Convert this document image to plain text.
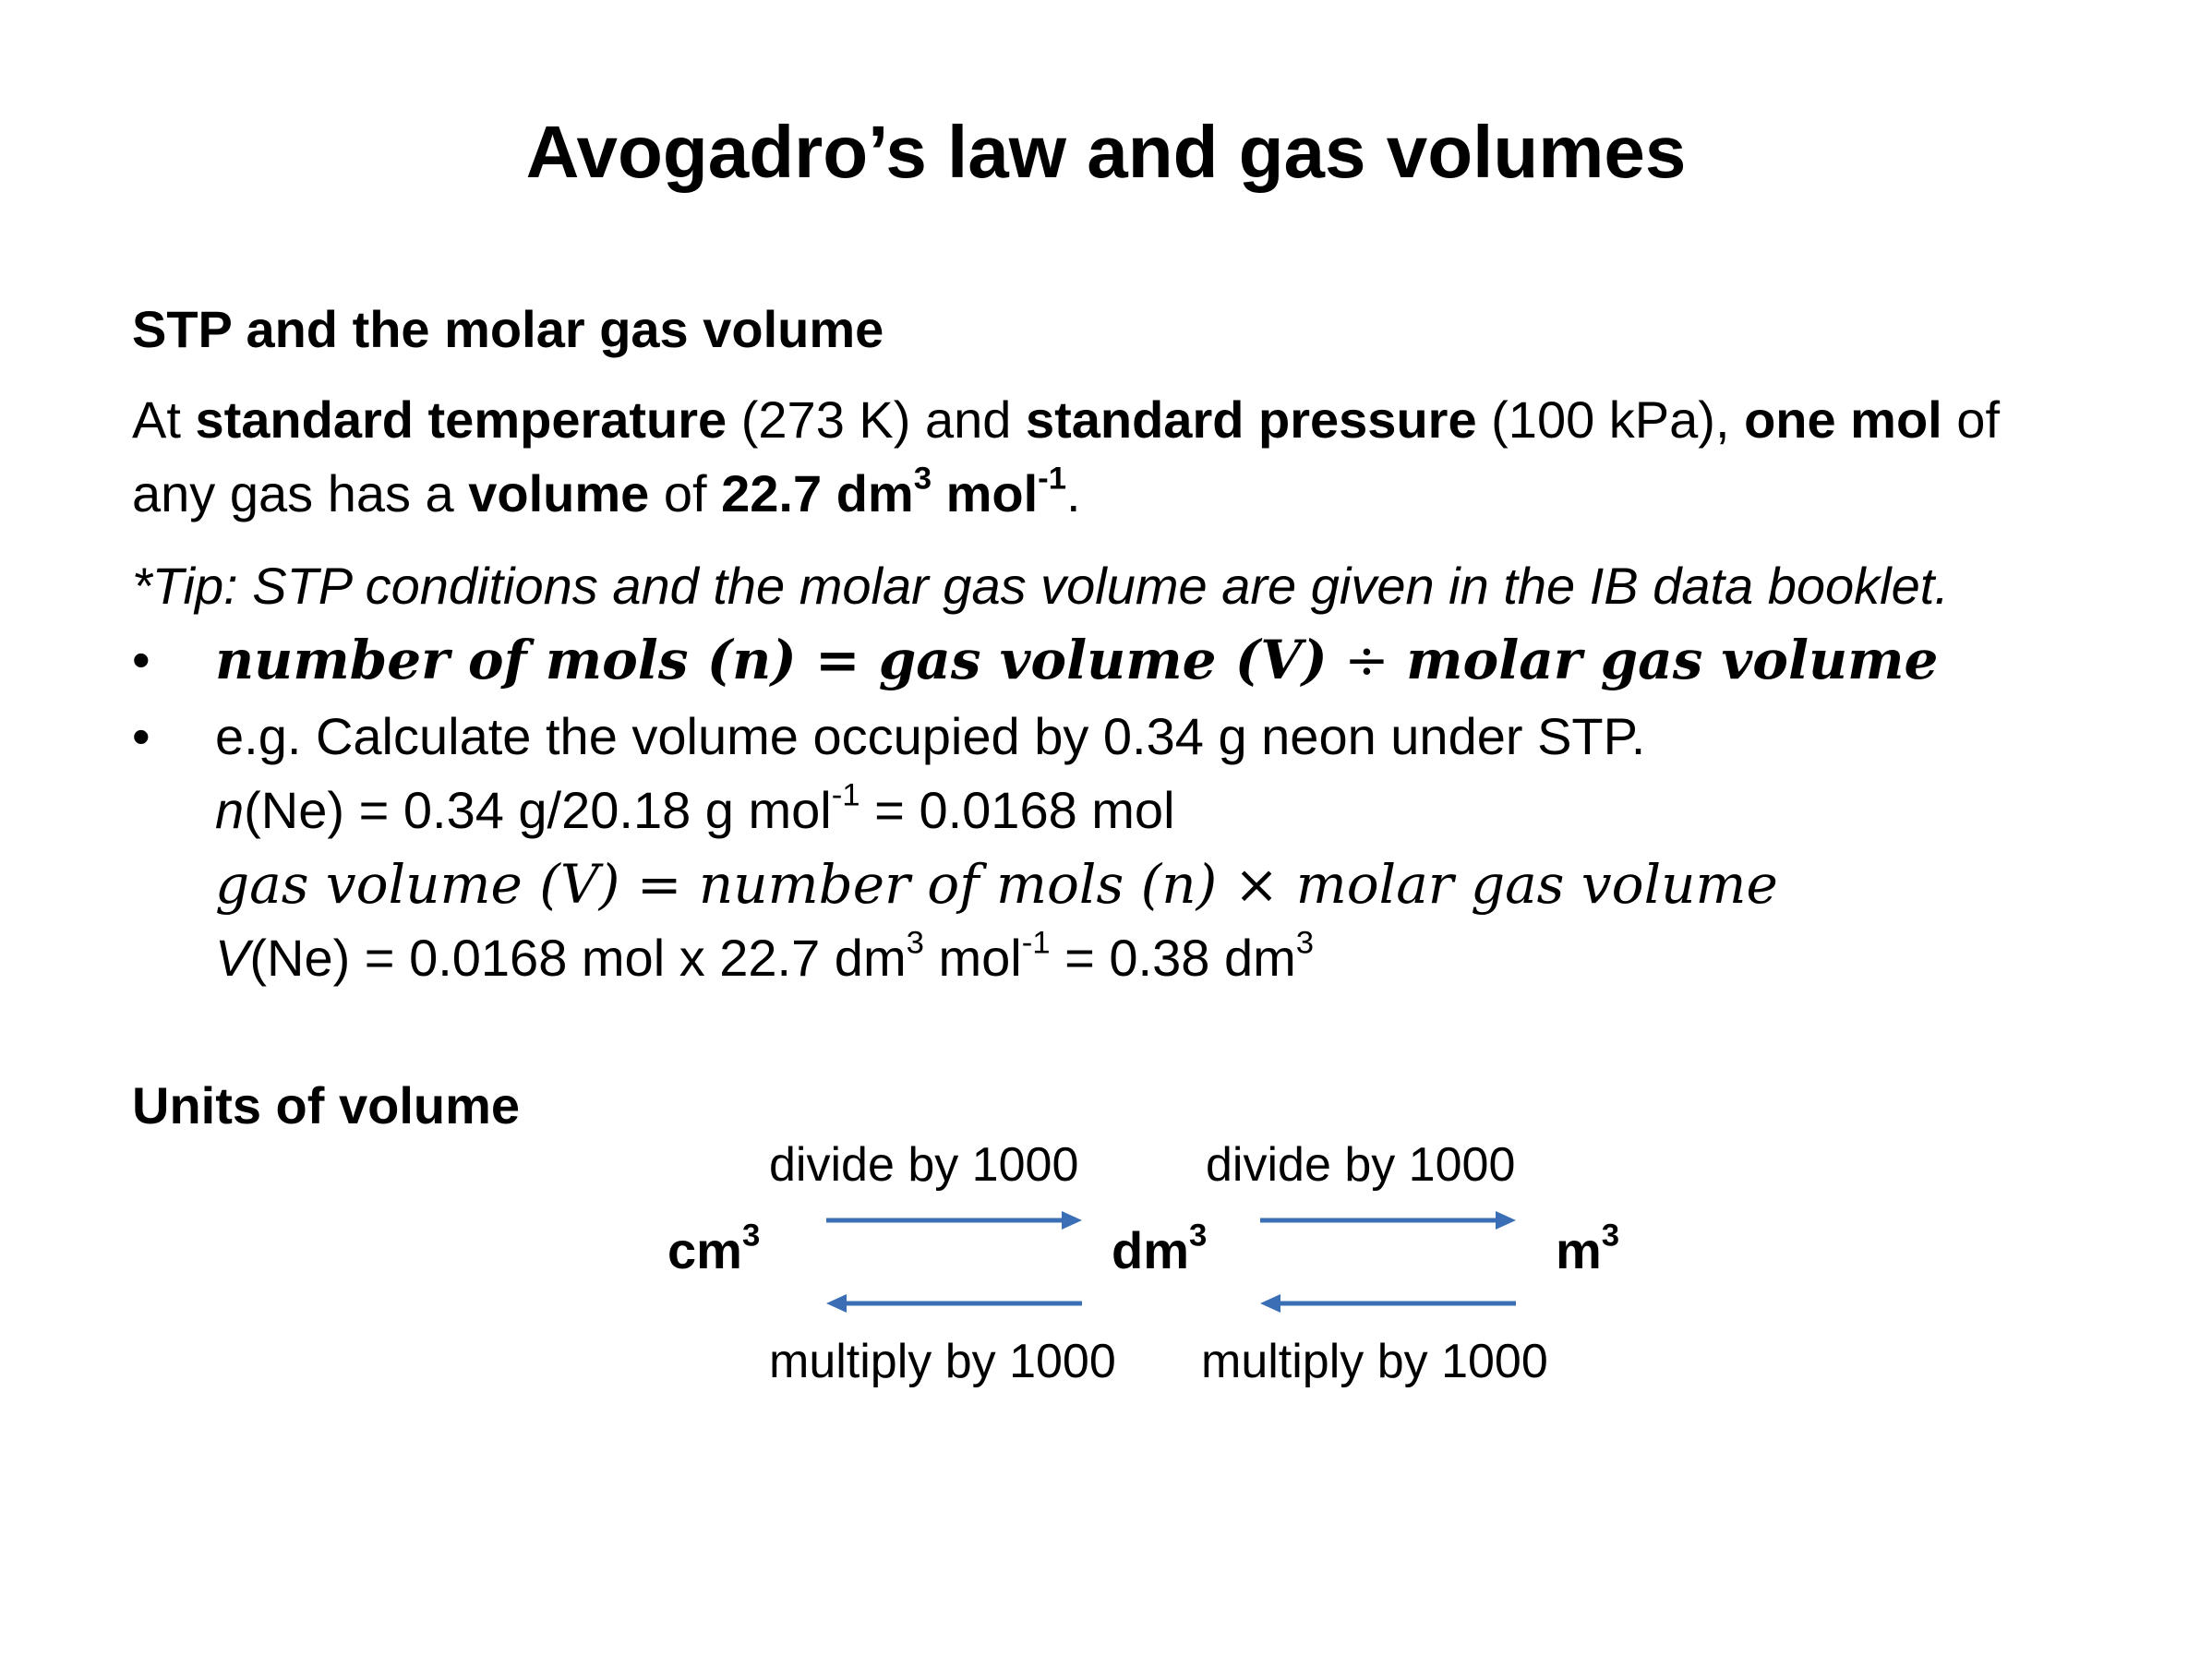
Avogadro’s law and gas volumes
STP and the molar gas volume
At standard temperature (273 K) and standard pressure (100 kPa), one mol of
any gas has a volume of 22.7 $dm^3$ mol$^{-1}$.
*Tip: STP conditions and the molar gas volume are given in the IB data booklet.
• number of mols (n) = gas volume (V) ÷ molar gas volume
• e.g. Calculate the volume occupied by 0.34 g neon under STP.
n(Ne) = 0.34 g/20.18 g mol$^{-1}$ = 0.0168 mol
gas volume (V) = number of mols (n) × molar gas volume
V(Ne) = 0.0168 mol x 22.7 $dm^3$ mol$^{-1}$ = 0.38 $dm^3$
Units of volume
divide by 1000	divide by 1000
$cm^3$	$dm^3$	$m^3$
multiply by 1000 multiply by 1000
